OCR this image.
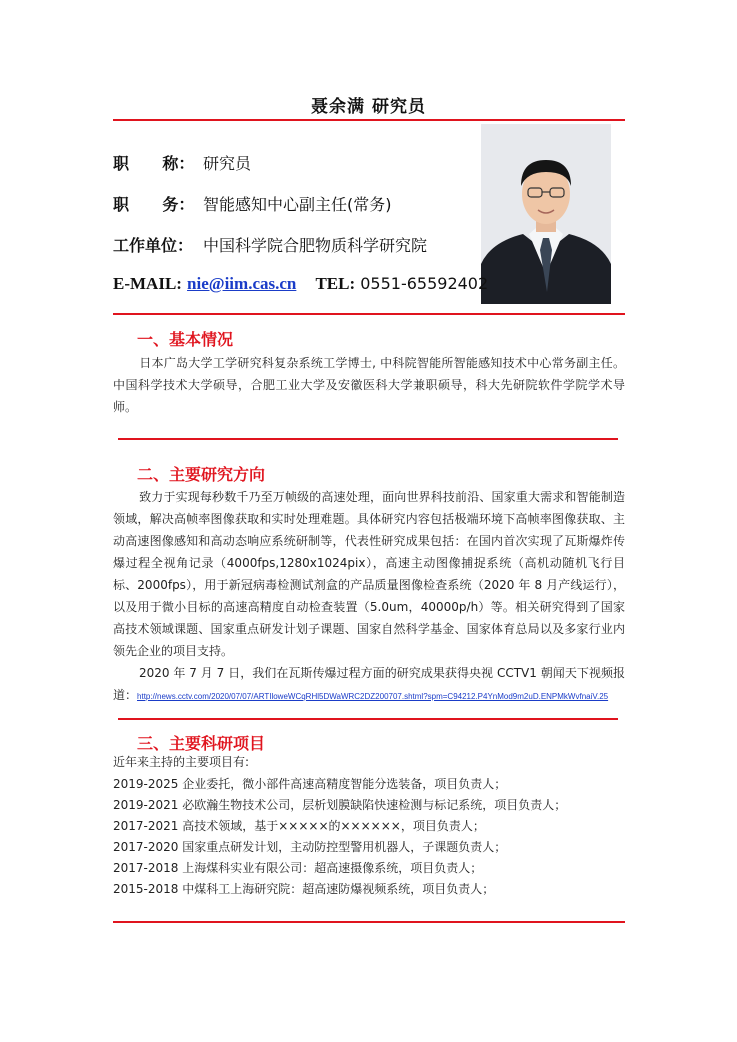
聂余满 研究员
职      称： 研究员
职      务： 智能感知中心副主任(常务)
工作单位： 中国科学院合肥物质科学研究院
E-MAIL: nie@iim.cas.cn TEL: 0551-65592402
一、基本情况
日本广岛大学工学研究科复杂系统工学博士, 中科院智能所智能感知技术中心常务副主任。中国科学技术大学硕导，合肥工业大学及安徽医科大学兼职硕导，科大先研院软件学院学术导师。
二、主要研究方向
致力于实现每秒数千乃至万帧级的高速处理，面向世界科技前沿、国家重大需求和智能制造领域，解决高帧率图像获取和实时处理难题。具体研究内容包括极端环境下高帧率图像获取、主动高速图像感知和高动态响应系统研制等，代表性研究成果包括：在国内首次实现了瓦斯爆炸传爆过程全视角记录（4000fps,1280x1024pix），高速主动图像捕捉系统（高机动随机飞行目标、2000fps），用于新冠病毒检测试剂盒的产品质量图像检查系统（2020 年 8 月产线运行），以及用于微小目标的高速高精度自动检查装置（5.0um，40000p/h）等。相关研究得到了国家高技术领域课题、国家重点研发计划子课题、国家自然科学基金、国家体育总局以及多家行业内领先企业的项目支持。
2020 年 7 月 7 日，我们在瓦斯传爆过程方面的研究成果获得央视 CCTV1 朝闻天下视频报道：http://news.cctv.com/2020/07/07/ARTIloweWCqRHl5DWaWRC2DZ200707.shtml?spm=C94212.P4YnMod9m2uD.ENPMkWvfnaiV.25
三、主要科研项目
近年来主持的主要项目有:
2019-2025 企业委托，微小部件高速高精度智能分选装备，项目负责人；
2019-2021 必欧瀚生物技术公司，层析划膜缺陷快速检测与标记系统，项目负责人；
2017-2021 高技术领域，基于×××××的××××××，项目负责人；
2017-2020 国家重点研发计划，主动防控型警用机器人，子课题负责人；
2017-2018 上海煤科实业有限公司：超高速摄像系统，项目负责人；
2015-2018 中煤科工上海研究院：超高速防爆视频系统，项目负责人；
